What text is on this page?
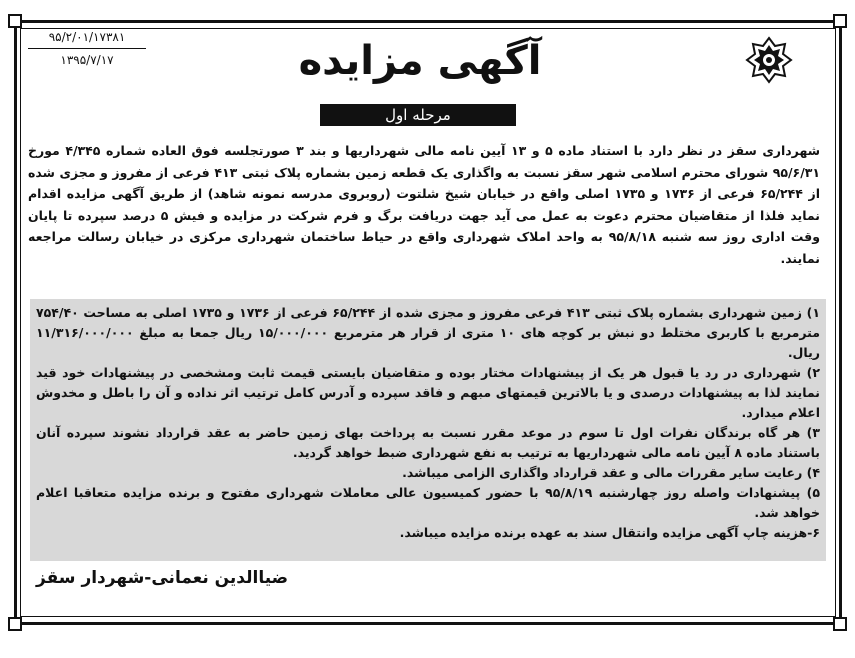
۹۵/۲/۰۱/۱۷۳۸۱
۱۳۹۵/۷/۱۷	آگهی مزایده
مرحله اول
شهرداری سقز در نظر دارد با استناد ماده ۵ و ۱۳ آیین نامه مالی شهرداریها و بند ۳ صورتجلسه فوق العاده شماره ۴/۳۴۵ مورخ ۹۵/۶/۳۱ شورای محترم اسلامی شهر سقز نسبت به واگذاری یک قطعه زمین بشماره پلاک ثبتی ۴۱۳ فرعی از مفروز و مجزی شده از ۶۵/۲۴۴ فرعی از ۱۷۳۶ و ۱۷۳۵ اصلی واقع در خیابان شیخ شلتوت (روبروی مدرسه نمونه شاهد) از طریق آگهی مزایده اقدام نماید فلذا از متقاضیان محترم دعوت به عمل می آید جهت دریافت برگ و فرم شرکت در مزایده و فیش ۵ درصد سپرده تا پایان وقت اداری روز سه شنبه ۹۵/۸/۱۸ به واحد املاک شهرداری واقع در حیاط ساختمان شهرداری مرکزی در خیابان رسالت مراجعه نمایند.

۱) زمین شهرداری بشماره پلاک ثبتی ۴۱۳ فرعی مفروز و مجزی شده از ۶۵/۲۴۴ فرعی از ۱۷۳۶ و ۱۷۳۵ اصلی به مساحت ۷۵۴/۴۰ مترمربع با کاربری مختلط دو نبش بر کوچه های ۱۰ متری از قرار هر مترمربع ۱۵/۰۰۰/۰۰۰ ریال جمعا به مبلغ ۱۱/۳۱۶/۰۰۰/۰۰۰ ریال.

۲) شهرداری در رد یا قبول هر یک از پیشنهادات مختار بوده و متقاضیان بایستی قیمت ثابت ومشخصی در پیشنهادات خود قید نمایند لذا به پیشنهادات درصدی و یا بالاترین قیمتهای مبهم و فاقد سپرده و آدرس کامل ترتیب اثر نداده و آن را باطل و مخدوش اعلام میدارد.

۳) هر گاه برندگان نفرات اول تا سوم در موعد مقرر نسبت به پرداخت بهای زمین حاضر به عقد قرارداد نشوند سپرده آنان باستناد ماده ۸ آیین نامه مالی شهرداریها به ترتیب به نفع شهرداری ضبط خواهد گردید.

۴) رعایت سایر مقررات مالی و عقد قرارداد واگذاری الزامی میباشد.

۵) پیشنهادات واصله روز چهارشنبه ۹۵/۸/۱۹ با حضور کمیسیون عالی معاملات شهرداری مفتوح و برنده مزایده متعاقبا اعلام خواهد شد.

۶-هزینه چاپ آگهی مزایده وانتقال سند به عهده برنده مزایده میباشد.

ضیاالدین نعمانی-شهردار سقز
